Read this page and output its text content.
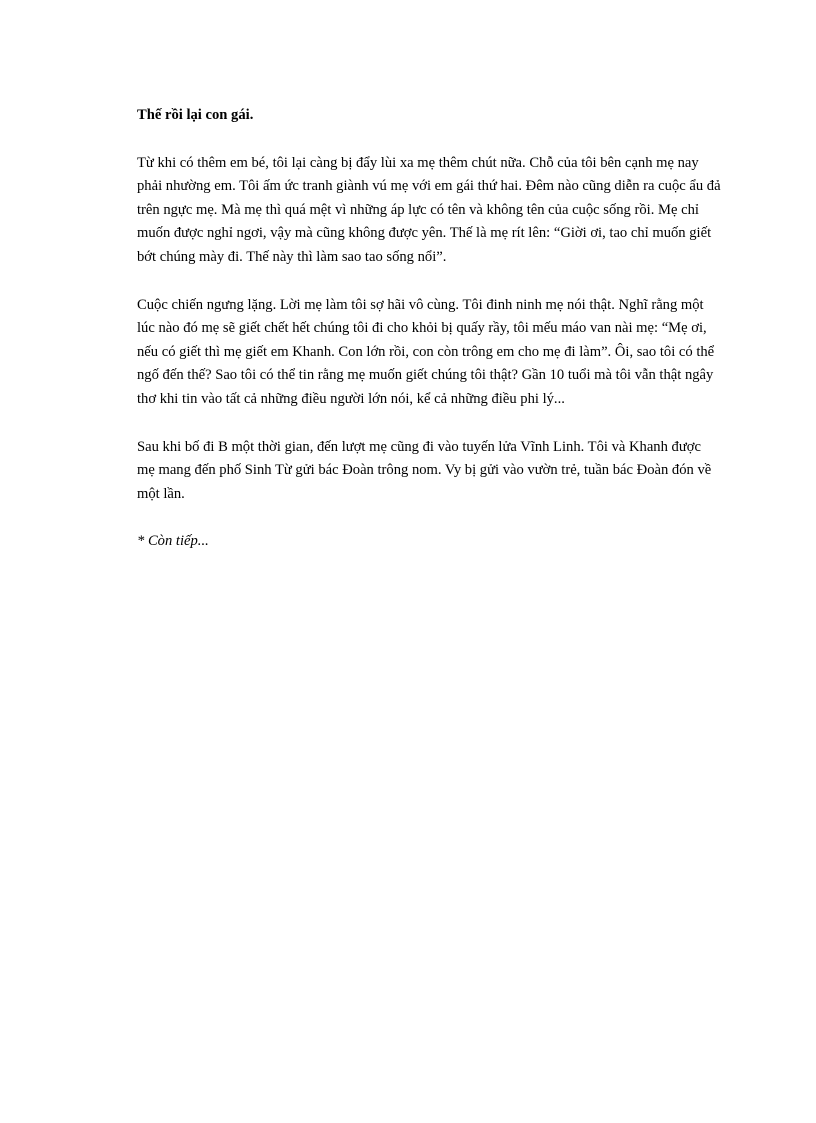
Thế rồi lại con gái.

Từ khi có thêm em bé, tôi lại càng bị đẩy lùi xa mẹ thêm chút nữa. Chỗ của tôi bên cạnh mẹ nay phải nhường em. Tôi ấm ức tranh giành vú mẹ với em gái thứ hai. Đêm nào cũng diễn ra cuộc ẩu đả trên ngực mẹ. Mà mẹ thì quá mệt vì những áp lực có tên và không tên của cuộc sống rồi. Mẹ chỉ muốn được nghỉ ngơi, vậy mà cũng không được yên. Thế là mẹ rít lên: “Giời ơi, tao chỉ muốn giết bớt chúng mày đi. Thế này thì làm sao tao sống nổi”.

Cuộc chiến ngưng lặng. Lời mẹ làm tôi sợ hãi vô cùng. Tôi đinh ninh mẹ nói thật. Nghĩ rằng một lúc nào đó mẹ sẽ giết chết hết chúng tôi đi cho khỏi bị quấy rầy, tôi mếu máo van nài mẹ: “Mẹ ơi, nếu có giết thì mẹ giết em Khanh. Con lớn rồi, con còn trông em cho mẹ đi làm”. Ôi, sao tôi có thể ngố đến thế? Sao tôi có thể tin rằng mẹ muốn giết chúng tôi thật? Gần 10 tuổi mà tôi vẫn thật ngây thơ khi tin vào tất cả những điều người lớn nói, kể cả những điều phi lý...

Sau khi bố đi B một thời gian, đến lượt mẹ cũng đi vào tuyến lửa Vĩnh Linh. Tôi và Khanh được mẹ mang đến phố Sinh Từ gửi bác Đoàn trông nom. Vy bị gửi vào vườn trẻ, tuần bác Đoàn đón về một lần.

* Còn tiếp...
